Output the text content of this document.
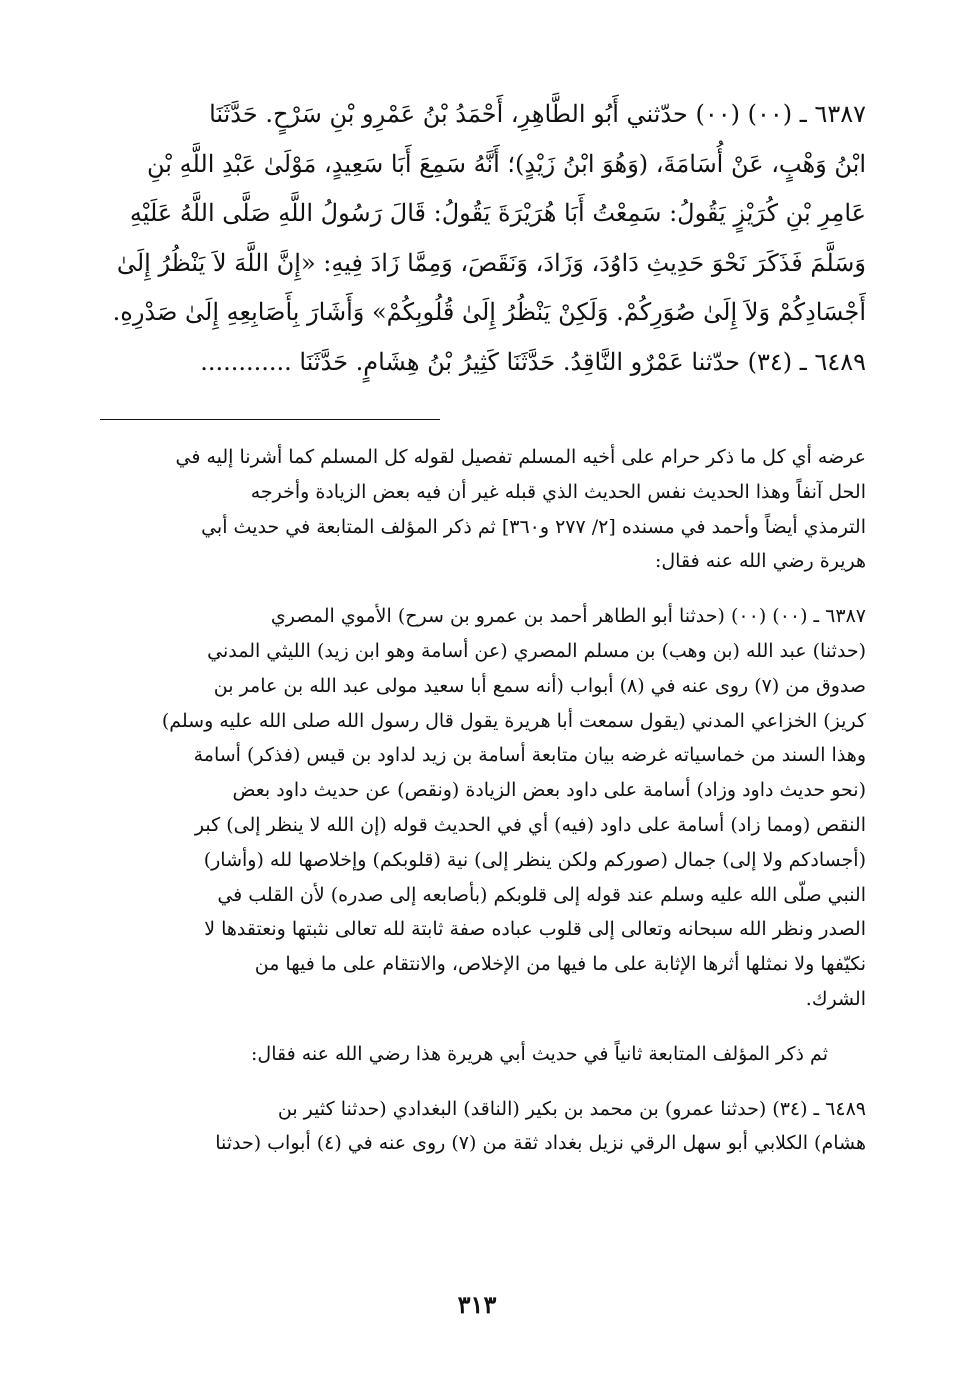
٦٣٨٧ ـ (٠٠) (٠٠) حدّثني أَبُو الطَّاهِرِ، أَحْمَدُ بْنُ عَمْرِو بْنِ سَرْحٍ. حَدَّثَنَا
ابْنُ وَهْبٍ، عَنْ أُسَامَةَ، (وَهُوَ ابْنُ زَيْدٍ)؛ أَنَّهُ سَمِعَ أَبَا سَعِيدٍ، مَوْلَىٰ عَبْدِ اللَّهِ بْنِ
عَامِرِ بْنِ كُرَيْزٍ يَقُولُ: سَمِعْتُ أَبَا هُرَيْرَةَ يَقُولُ: قَالَ رَسُولُ اللَّهِ صَلَّى اللَّهُ عَلَيْهِ
وَسَلَّمَ فَذَكَرَ نَحْوَ حَدِيثِ دَاوُدَ، وَزَادَ، وَنَقَصَ، وَمِمَّا زَادَ فِيهِ: «إِنَّ اللَّهَ لاَ يَنْظُرُ إِلَىٰ
أَجْسَادِكُمْ وَلاَ إِلَىٰ صُوَرِكُمْ. وَلَكِنْ يَنْظُرُ إِلَىٰ قُلُوبِكُمْ» وَأَشَارَ بِأَصَابِعِهِ إِلَىٰ صَدْرِهِ.
٦٤٨٩ ـ (٣٤) حدّثنا عَمْرٌو النَّاقِدُ. حَدَّثَنَا كَثِيرُ بْنُ هِشَامٍ. حَدَّثَنَا ............
عرضه أي كل ما ذكر حرام على أخيه المسلم تفصيل لقوله كل المسلم كما أشرنا إليه في
الحل آنفاً وهذا الحديث نفس الحديث الذي قبله غير أن فيه بعض الزيادة وأخرجه
الترمذي أيضاً وأحمد في مسنده [٢/ ٢٧٧ و٣٦٠] ثم ذكر المؤلف المتابعة في حديث أبي
هريرة رضي الله عنه فقال:
٦٣٨٧ ـ (٠٠) (٠٠) (حدثنا أبو الطاهر أحمد بن عمرو بن سرح) الأموي المصري
(حدثنا) عبد الله (بن وهب) بن مسلم المصري (عن أسامة وهو ابن زيد) الليثي المدني
صدوق من (٧) روى عنه في (٨) أبواب (أنه سمع أبا سعيد مولى عبد الله بن عامر بن
كريز) الخزاعي المدني (يقول سمعت أبا هريرة يقول قال رسول الله صلى الله عليه وسلم)
وهذا السند من خماسياته غرضه بيان متابعة أسامة بن زيد لداود بن قيس (فذكر) أسامة
(نحو حديث داود وزاد) أسامة على داود بعض الزيادة (ونقص) عن حديث داود بعض
النقص (ومما زاد) أسامة على داود (فيه) أي في الحديث قوله (إن الله لا ينظر إلى) كبر
(أجسادكم ولا إلى) جمال (صوركم ولكن ينظر إلى) نية (قلوبكم) وإخلاصها لله (وأشار)
النبي صلّى الله عليه وسلم عند قوله إلى قلوبكم (بأصابعه إلى صدره) لأن القلب في
الصدر ونظر الله سبحانه وتعالى إلى قلوب عباده صفة ثابتة لله تعالى نثبتها ونعتقدها لا
نكيّفها ولا نمثلها أثرها الإثابة على ما فيها من الإخلاص، والانتقام على ما فيها من
الشرك.
ثم ذكر المؤلف المتابعة ثانياً في حديث أبي هريرة هذا رضي الله عنه فقال:
٦٤٨٩ ـ (٣٤) (حدثنا عمرو) بن محمد بن بكير (الناقد) البغدادي (حدثنا كثير بن
هشام) الكلابي أبو سهل الرقي نزيل بغداد ثقة من (٧) روى عنه في (٤) أبواب (حدثنا
٣١٣
